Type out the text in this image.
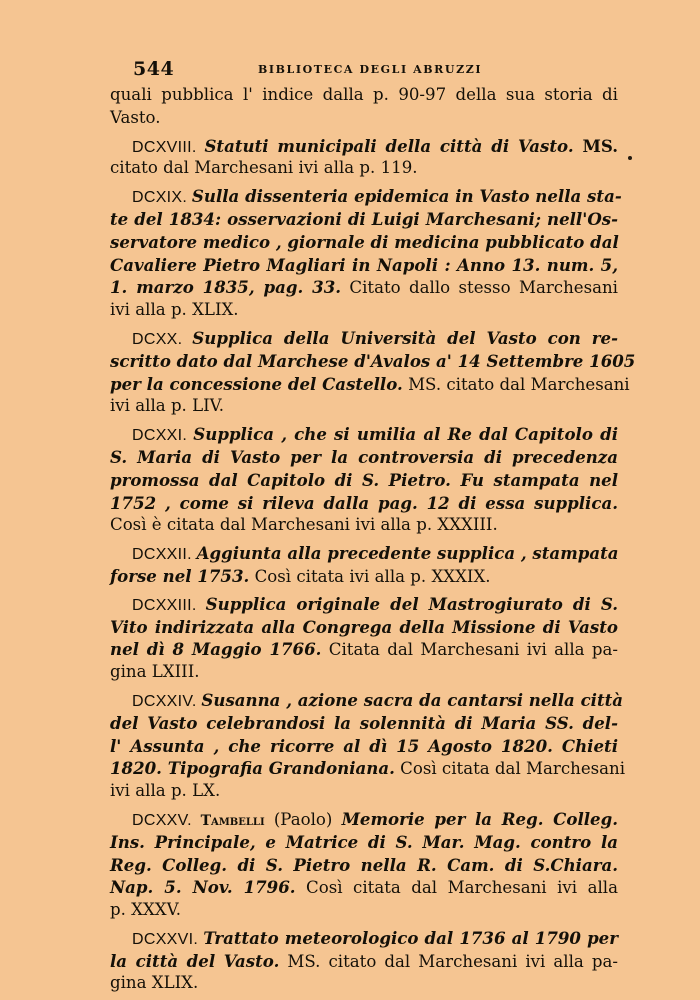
544	BIBLIOTECA DEGLI ABRUZZI
quali pubblica l' indice dalla p. 90-97 della sua storia di
Vasto.
DCXVIII. Statuti municipali della città di Vasto. MS.
citato dal Marchesani ivi alla p. 119.
DCXIX. Sulla dissenteria epidemica in Vasto nella sta-
te del 1834: osservazioni di Luigi Marchesani; nell'Os-
servatore medico , giornale di medicina pubblicato dal
Cavaliere Pietro Magliari in Napoli : Anno 13. num. 5,
1. marzo 1835, pag. 33. Citato dallo stesso Marchesani
ivi alla p. XLIX.
DCXX. Supplica della Università del Vasto con re-
scritto dato dal Marchese d'Avalos a' 14 Settembre 1605
per la concessione del Castello. MS. citato dal Marchesani
ivi alla p. LIV.
DCXXI. Supplica , che si umilia al Re dal Capitolo di
S. Maria di Vasto per la controversia di precedenza
promossa dal Capitolo di S. Pietro. Fu stampata nel
1752 , come si rileva dalla pag. 12 di essa supplica.
Così è citata dal Marchesani ivi alla p. XXXIII.
DCXXII. Aggiunta alla precedente supplica , stampata
forse nel 1753. Così citata ivi alla p. XXXIX.
DCXXIII. Supplica originale del Mastrogiurato di S.
Vito indirizzata alla Congrega della Missione di Vasto
nel dì 8 Maggio 1766. Citata dal Marchesani ivi alla pa-
gina LXIII.
DCXXIV. Susanna , azione sacra da cantarsi nella città
del Vasto celebrandosi la solennità di Maria SS. del-
l' Assunta , che ricorre al dì 15 Agosto 1820. Chieti
1820. Tipografia Grandoniana. Così citata dal Marchesani
ivi alla p. LX.
DCXXV. Tambelli (Paolo) Memorie per la Reg. Colleg.
Ins. Principale, e Matrice di S. Mar. Mag. contro la
Reg. Colleg. di S. Pietro nella R. Cam. di S.Chiara.
Nap. 5. Nov. 1796. Così citata dal Marchesani ivi alla
p. XXXV.
DCXXVI. Trattato meteorologico dal 1736 al 1790 per
la città del Vasto. MS. citato dal Marchesani ivi alla pa-
gina XLIX.
